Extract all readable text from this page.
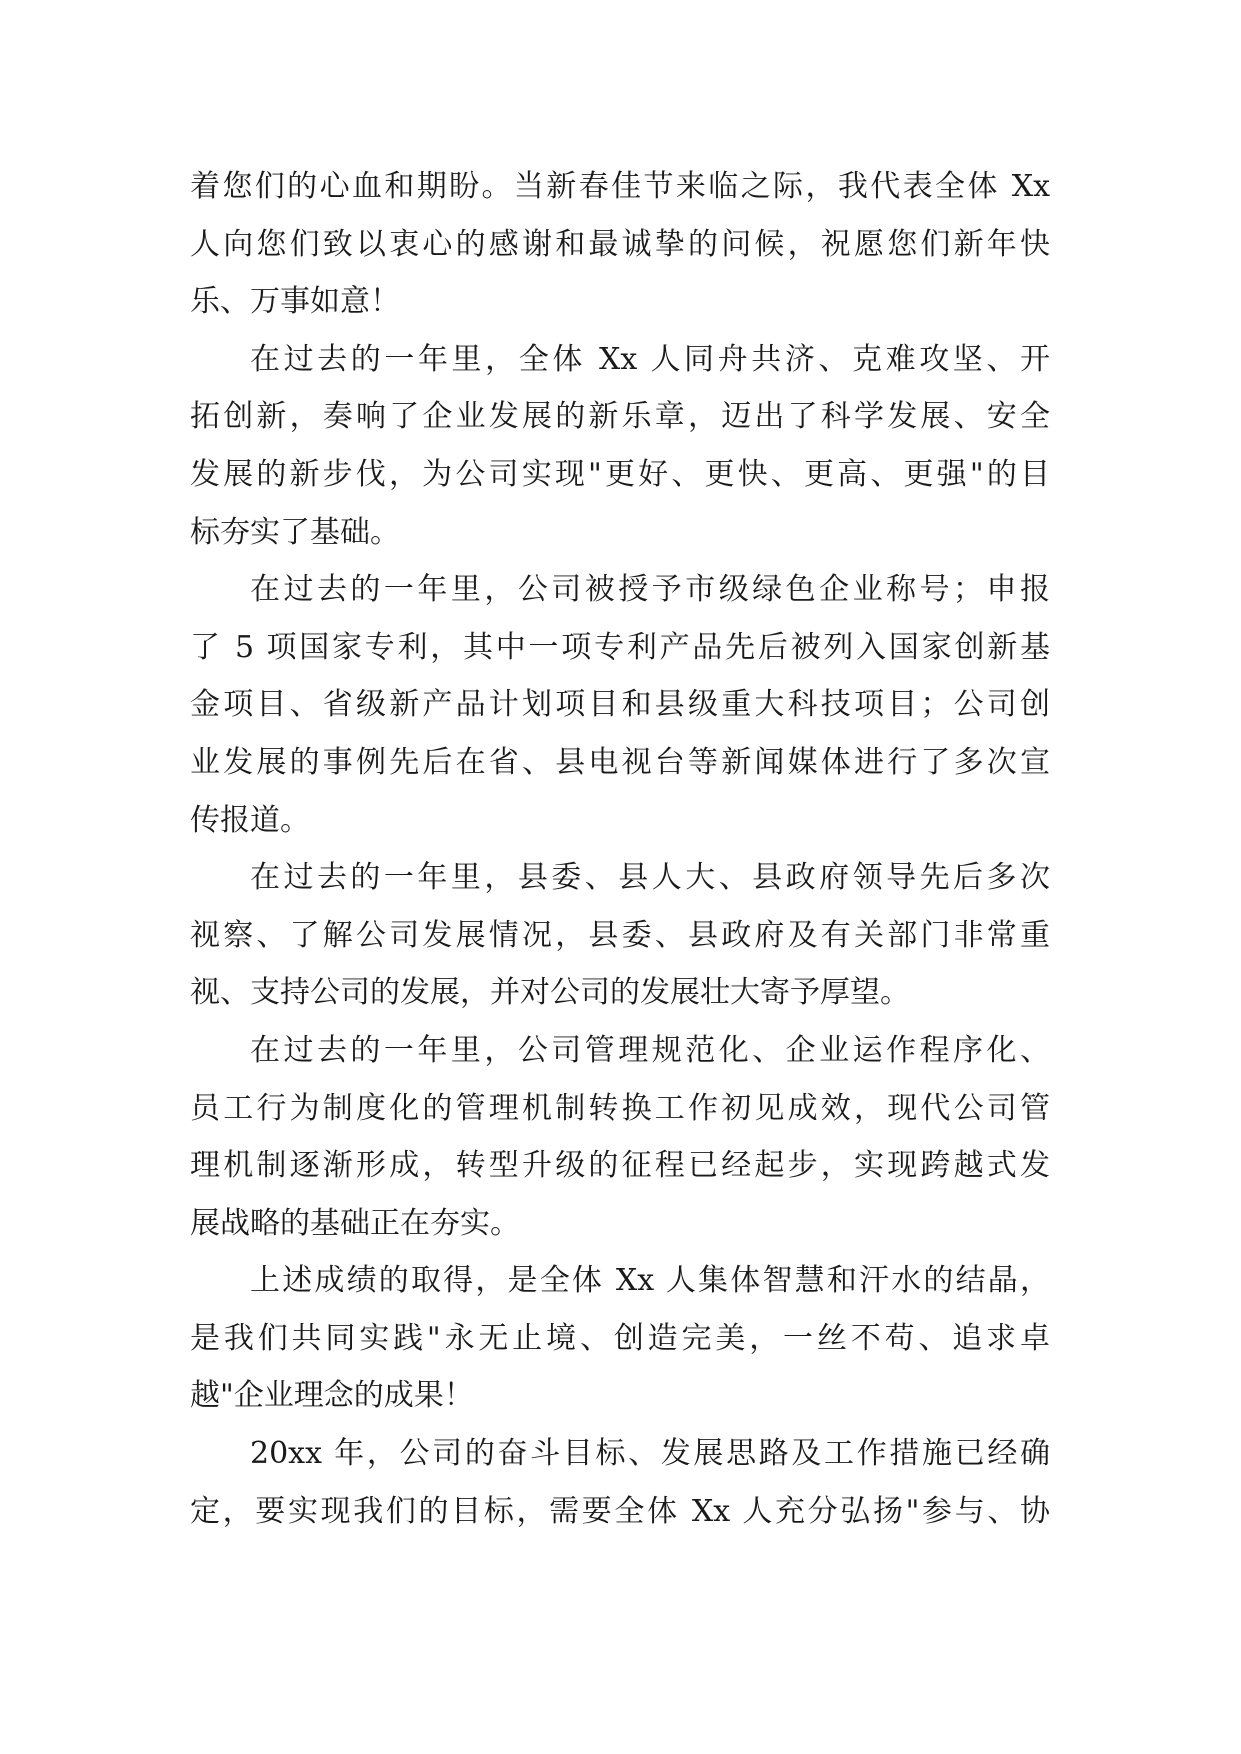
着您们的心血和期盼。当新春佳节来临之际，我代表全体 Xx
人向您们致以衷心的感谢和最诚挚的问候，祝愿您们新年快
乐、万事如意！
在过去的一年里，全体 Xx 人同舟共济、克难攻坚、开
拓创新，奏响了企业发展的新乐章，迈出了科学发展、安全
发展的新步伐，为公司实现"更好、更快、更高、更强"的目
标夯实了基础。
在过去的一年里，公司被授予市级绿色企业称号；申报
了 5 项国家专利，其中一项专利产品先后被列入国家创新基
金项目、省级新产品计划项目和县级重大科技项目；公司创
业发展的事例先后在省、县电视台等新闻媒体进行了多次宣
传报道。
在过去的一年里，县委、县人大、县政府领导先后多次
视察、了解公司发展情况，县委、县政府及有关部门非常重
视、支持公司的发展，并对公司的发展壮大寄予厚望。
在过去的一年里，公司管理规范化、企业运作程序化、
员工行为制度化的管理机制转换工作初见成效，现代公司管
理机制逐渐形成，转型升级的征程已经起步，实现跨越式发
展战略的基础正在夯实。
上述成绩的取得，是全体 Xx 人集体智慧和汗水的结晶，
是我们共同实践"永无止境、创造完美，一丝不苟、追求卓
越"企业理念的成果！
20xx 年，公司的奋斗目标、发展思路及工作措施已经确
定，要实现我们的目标，需要全体 Xx 人充分弘扬"参与、协
